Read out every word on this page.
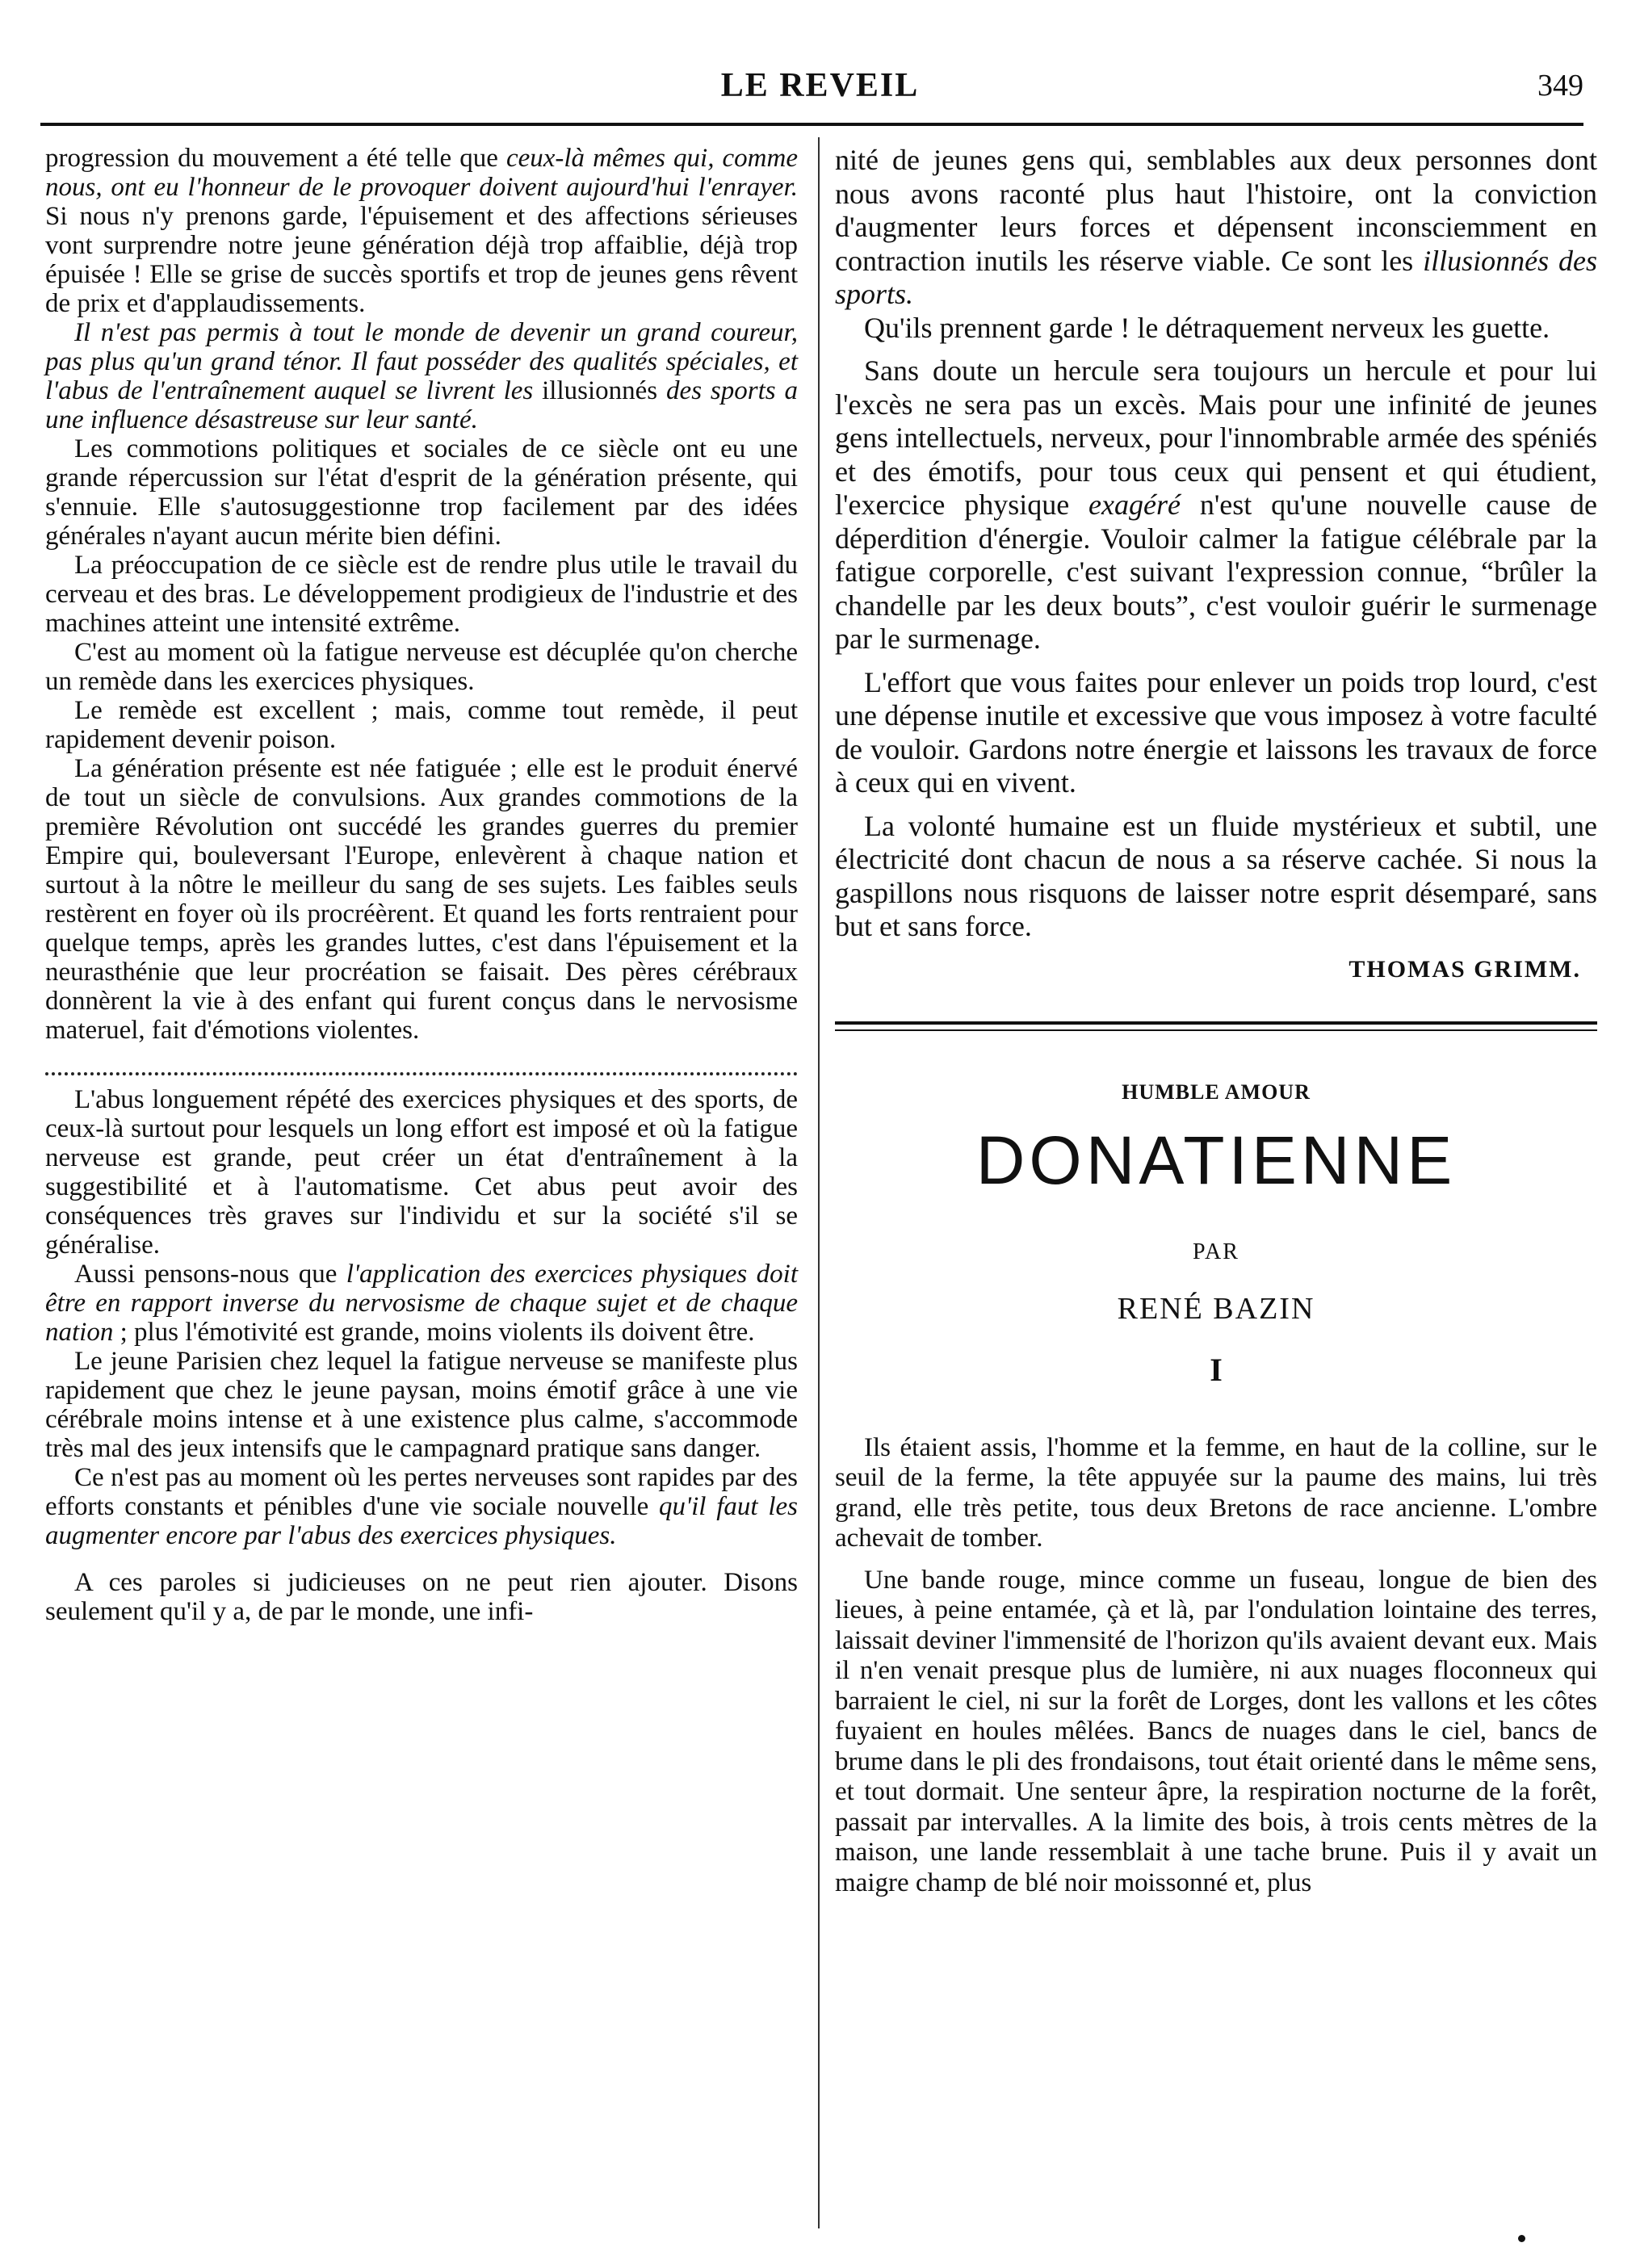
LE REVEIL	349

progression du mouvement a été telle que ceux-là mêmes qui, comme nous, ont eu l'honneur de le provoquer doivent aujourd'hui l'enrayer. Si nous n'y prenons garde, l'épuisement et des affections sérieuses vont surprendre notre jeune génération déjà trop affaiblie, déjà trop épuisée ! Elle se grise de succès sportifs et trop de jeunes gens rêvent de prix et d'applaudissements.

Il n'est pas permis à tout le monde de devenir un grand coureur, pas plus qu'un grand ténor. Il faut posséder des qualités spéciales, et l'abus de l'entraînement auquel se livrent les illusionnés des sports a une influence désastreuse sur leur santé.

Les commotions politiques et sociales de ce siècle ont eu une grande répercussion sur l'état d'esprit de la génération présente, qui s'ennuie. Elle s'autosuggestionne trop facilement par des idées générales n'ayant aucun mérite bien défini.

La préoccupation de ce siècle est de rendre plus utile le travail du cerveau et des bras. Le développement prodigieux de l'industrie et des machines atteint une intensité extrême.

C'est au moment où la fatigue nerveuse est décuplée qu'on cherche un remède dans les exercices physiques.

Le remède est excellent ; mais, comme tout remède, il peut rapidement devenir poison.

La génération présente est née fatiguée ; elle est le produit énervé de tout un siècle de convulsions. Aux grandes commotions de la première Révolution ont succédé les grandes guerres du premier Empire qui, bouleversant l'Europe, enlevèrent à chaque nation et surtout à la nôtre le meilleur du sang de ses sujets. Les faibles seuls restèrent en foyer où ils procréèrent. Et quand les forts rentraient pour quelque temps, après les grandes luttes, c'est dans l'épuisement et la neurasthénie que leur procréation se faisait. Des pères cérébraux donnèrent la vie à des enfant qui furent conçus dans le nervosisme materuel, fait d'émotions violentes.

L'abus longuement répété des exercices physiques et des sports, de ceux-là surtout pour lesquels un long effort est imposé et où la fatigue nerveuse est grande, peut créer un état d'entraînement à la suggestibilité et à l'automatisme. Cet abus peut avoir des conséquences très graves sur l'individu et sur la société s'il se généralise.

Aussi pensons-nous que l'application des exercices physiques doit être en rapport inverse du nervosisme de chaque sujet et de chaque nation ; plus l'émotivité est grande, moins violents ils doivent être.

Le jeune Parisien chez lequel la fatigue nerveuse se manifeste plus rapidement que chez le jeune paysan, moins émotif grâce à une vie cérébrale moins intense et à une existence plus calme, s'accommode très mal des jeux intensifs que le campagnard pratique sans danger.

Ce n'est pas au moment où les pertes nerveuses sont rapides par des efforts constants et pénibles d'une vie sociale nouvelle qu'il faut les augmenter encore par l'abus des exercices physiques.

A ces paroles si judicieuses on ne peut rien ajouter. Disons seulement qu'il y a, de par le monde, une infi-

nité de jeunes gens qui, semblables aux deux personnes dont nous avons raconté plus haut l'histoire, ont la conviction d'augmenter leurs forces et dépensent inconsciemment en contraction inutils les réserve viable. Ce sont les illusionnés des sports.

Qu'ils prennent garde ! le détraquement nerveux les guette.

Sans doute un hercule sera toujours un hercule et pour lui l'excès ne sera pas un excès. Mais pour une infinité de jeunes gens intellectuels, nerveux, pour l'innombrable armée des spéniés et des émotifs, pour tous ceux qui pensent et qui étudient, l'exercice physique exagéré n'est qu'une nouvelle cause de déperdition d'énergie. Vouloir calmer la fatigue célébrale par la fatigue corporelle, c'est suivant l'expression connue, “brûler la chandelle par les deux bouts”, c'est vouloir guérir le surmenage par le surmenage.

L'effort que vous faites pour enlever un poids trop lourd, c'est une dépense inutile et excessive que vous imposez à votre faculté de vouloir. Gardons notre énergie et laissons les travaux de force à ceux qui en vivent.

La volonté humaine est un fluide mystérieux et subtil, une électricité dont chacun de nous a sa réserve cachée. Si nous la gaspillons nous risquons de laisser notre esprit désemparé, sans but et sans force.

THOMAS GRIMM.
HUMBLE AMOUR
DONATIENNE
PAR
RENÉ BAZIN
I

Ils étaient assis, l'homme et la femme, en haut de la colline, sur le seuil de la ferme, la tête appuyée sur la paume des mains, lui très grand, elle très petite, tous deux Bretons de race ancienne. L'ombre achevait de tomber.

Une bande rouge, mince comme un fuseau, longue de bien des lieues, à peine entamée, çà et là, par l'ondulation lointaine des terres, laissait deviner l'immensité de l'horizon qu'ils avaient devant eux. Mais il n'en venait presque plus de lumière, ni aux nuages floconneux qui barraient le ciel, ni sur la forêt de Lorges, dont les vallons et les côtes fuyaient en houles mêlées. Bancs de nuages dans le ciel, bancs de brume dans le pli des frondaisons, tout était orienté dans le même sens, et tout dormait. Une senteur âpre, la respiration nocturne de la forêt, passait par intervalles. A la limite des bois, à trois cents mètres de la maison, une lande ressemblait à une tache brune. Puis il y avait un maigre champ de blé noir moissonné et, plus
